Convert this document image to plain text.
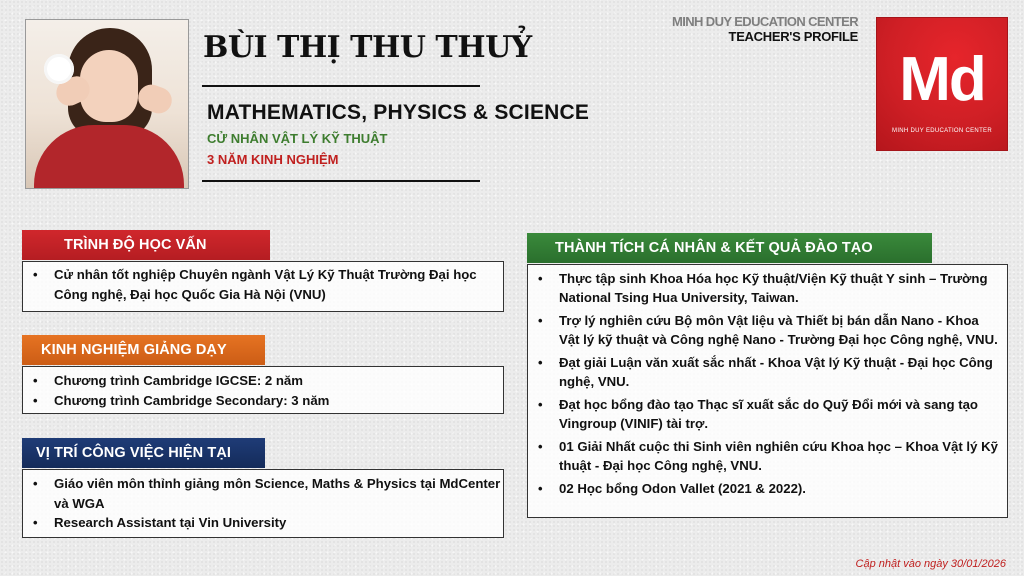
BÙI THỊ THU THUỶ
MATHEMATICS, PHYSICS & SCIENCE
CỬ NHÂN VẬT LÝ KỸ THUẬT
3 NĂM KINH NGHIỆM
MINH DUY EDUCATION CENTER
TEACHER'S PROFILE
Md
MINH DUY EDUCATION CENTER
TRÌNH ĐỘ HỌC VẤN
• Cử nhân tốt nghiệp Chuyên ngành Vật Lý Kỹ Thuật Trường Đại học Công nghệ, Đại học Quốc Gia Hà Nội (VNU)
KINH NGHIỆM GIẢNG DẠY
• Chương trình Cambridge IGCSE: 2 năm
• Chương trình Cambridge Secondary: 3 năm
VỊ TRÍ CÔNG VIỆC HIỆN TẠI
• Giáo viên môn thỉnh giảng môn Science, Maths & Physics tại MdCenter và WGA
• Research Assistant tại Vin University
THÀNH TÍCH CÁ NHÂN & KẾT QUẢ ĐÀO TẠO
• Thực tập sinh Khoa Hóa học Kỹ thuật/Viện Kỹ thuật Y sinh – Trường National Tsing Hua University, Taiwan.
• Trợ lý nghiên cứu Bộ môn Vật liệu và Thiết bị bán dẫn Nano - Khoa Vật lý kỹ thuật và Công nghệ Nano - Trường Đại học Công nghệ, VNU.
• Đạt giải Luận văn xuất sắc nhất - Khoa Vật lý Kỹ thuật - Đại học Công nghệ, VNU.
• Đạt học bổng đào tạo Thạc sĩ xuất sắc do Quỹ Đổi mới và sang tạo Vingroup (VINIF) tài trợ.
• 01 Giải Nhất cuộc thi Sinh viên nghiên cứu Khoa học – Khoa Vật lý Kỹ thuật - Đại học Công nghệ, VNU.
• 02 Học bổng Odon Vallet (2021 & 2022).
Cập nhật vào ngày 30/01/2026
